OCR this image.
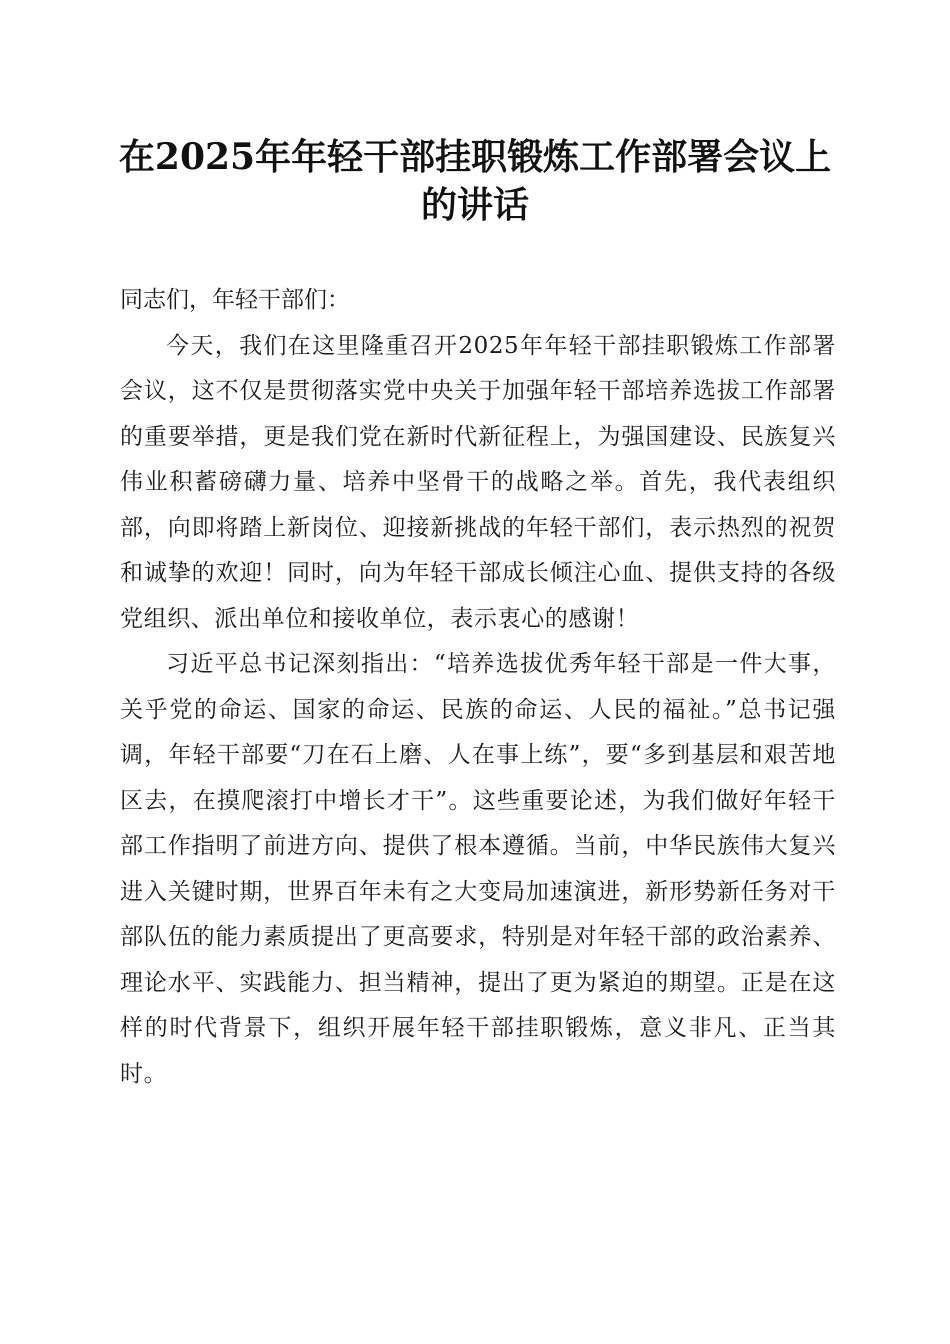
在2025年年轻干部挂职锻炼工作部署会议上
的讲话

同志们，年轻干部们：

今天，我们在这里隆重召开2025年年轻干部挂职锻炼工作部署会议，这不仅是贯彻落实党中央关于加强年轻干部培养选拔工作部署的重要举措，更是我们党在新时代新征程上，为强国建设、民族复兴伟业积蓄磅礴力量、培养中坚骨干的战略之举。首先，我代表组织部，向即将踏上新岗位、迎接新挑战的年轻干部们，表示热烈的祝贺和诚挚的欢迎！同时，向为年轻干部成长倾注心血、提供支持的各级党组织、派出单位和接收单位，表示衷心的感谢！

习近平总书记深刻指出：“培养选拔优秀年轻干部是一件大事，关乎党的命运、国家的命运、民族的命运、人民的福祉。”总书记强调，年轻干部要“刀在石上磨、人在事上练”，要“多到基层和艰苦地区去，在摸爬滚打中增长才干”。这些重要论述，为我们做好年轻干部工作指明了前进方向、提供了根本遵循。当前，中华民族伟大复兴进入关键时期，世界百年未有之大变局加速演进，新形势新任务对干部队伍的能力素质提出了更高要求，特别是对年轻干部的政治素养、理论水平、实践能力、担当精神，提出了更为紧迫的期望。正是在这样的时代背景下，组织开展年轻干部挂职锻炼，意义非凡、正当其时。
